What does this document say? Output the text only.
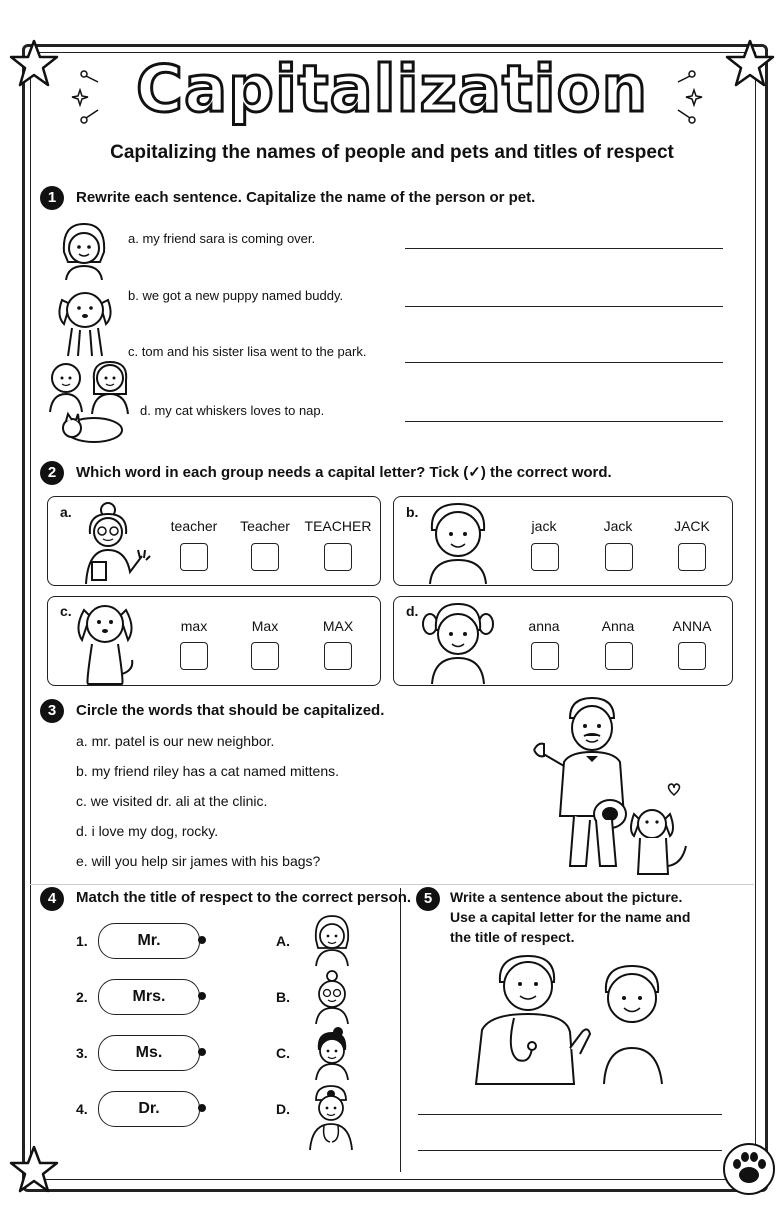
Capitalization
Capitalizing the names of people and pets and titles of respect
1	Rewrite each sentence. Capitalize the name of the person or pet.
a. my friend sara is coming over.
b. we got a new puppy named buddy.
c. tom and his sister lisa went to the park.
d. my cat whiskers loves to nap.
2	Which word in each group needs a capital letter? Tick (✓) the correct word.
a.
teacher	Teacher	TEACHER
b.
jack	Jack	JACK
c.
max	Max	MAX
d.
anna	Anna	ANNA
3	Circle the words that should be capitalized.
a. mr. patel is our new neighbor.
b. my friend riley has a cat named mittens.
c. we visited dr. ali at the clinic.
d. i love my dog, rocky.
e. will you help sir james with his bags?
4	Match the title of respect to the correct person.
1.	Mr.	A.
2.	Mrs.	B.
3.	Ms.	C.
4.	Dr.	D.
5	Write a sentence about the picture.
Use a capital letter for the name and
the title of respect.
